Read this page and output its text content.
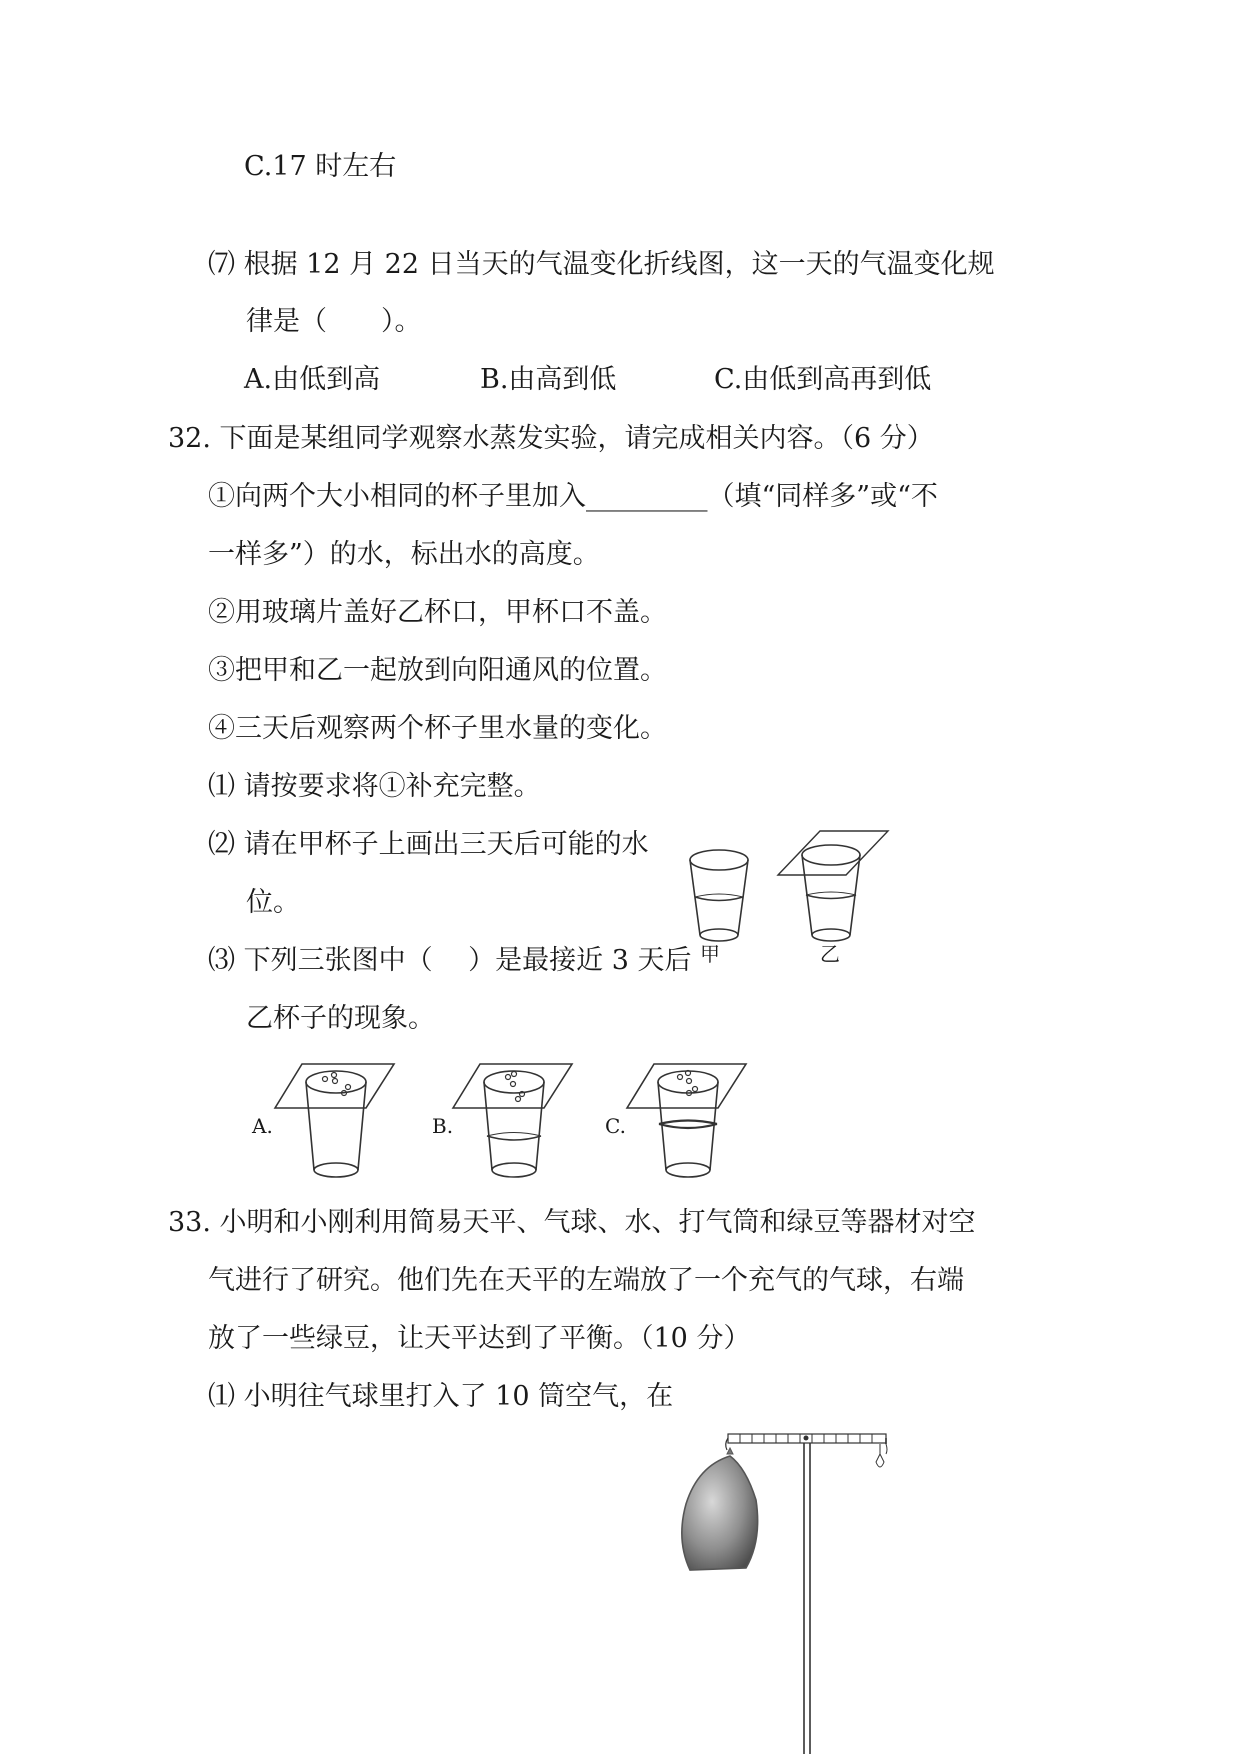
C.17 时左右
⑺ 根据 12 月 22 日当天的气温变化折线图，这一天的气温变化规
律是（　　）。
A.由低到高	B.由高到低	C.由低到高再到低
32. 下面是某组同学观察水蒸发实验，请完成相关内容。（6 分）
①向两个大小相同的杯子里加入_________（填“同样多”或“不
一样多”）的水，标出水的高度。
②用玻璃片盖好乙杯口，甲杯口不盖。
③把甲和乙一起放到向阳通风的位置。
④三天后观察两个杯子里水量的变化。
⑴ 请按要求将①补充完整。
⑵ 请在甲杯子上画出三天后可能的水
位。
⑶ 下列三张图中（　 ）是最接近 3 天后
乙杯子的现象。
甲	乙
A.	B.	C.
33. 小明和小刚利用简易天平、气球、水、打气筒和绿豆等器材对空
气进行了研究。他们先在天平的左端放了一个充气的气球，右端
放了一些绿豆，让天平达到了平衡。（10 分）
⑴ 小明往气球里打入了 10 筒空气，在
